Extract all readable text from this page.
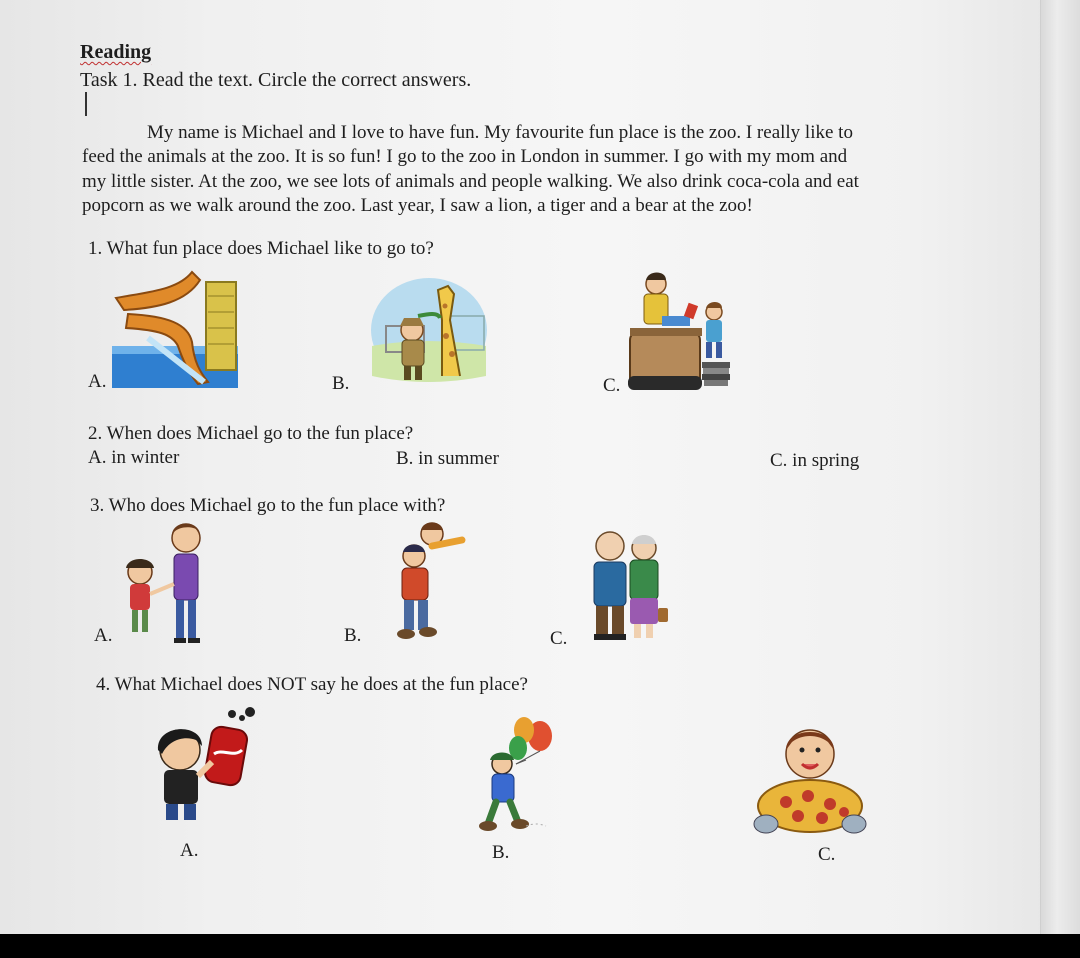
Reading
Task 1. Read the text. Circle the correct answers.
My name is Michael and I love to have fun. My favourite fun place is the zoo. I really like to
feed the animals at the zoo. It is so fun! I go to the zoo in London in summer. I go with my mom and
my little sister. At the zoo, we see lots of animals and people walking. We also drink coca-cola and eat
popcorn as we walk around the zoo. Last year, I saw a lion, a tiger and a bear at the zoo!
1. What fun place does Michael like to go to?
A.	B.	C.
2. When does Michael go to the fun place?
A. in winter	B. in summer	C. in spring
3. Who does Michael go to the fun place with?
A.	B.	C.
4. What Michael does NOT say he does at the fun place?
A.	B.	C.
